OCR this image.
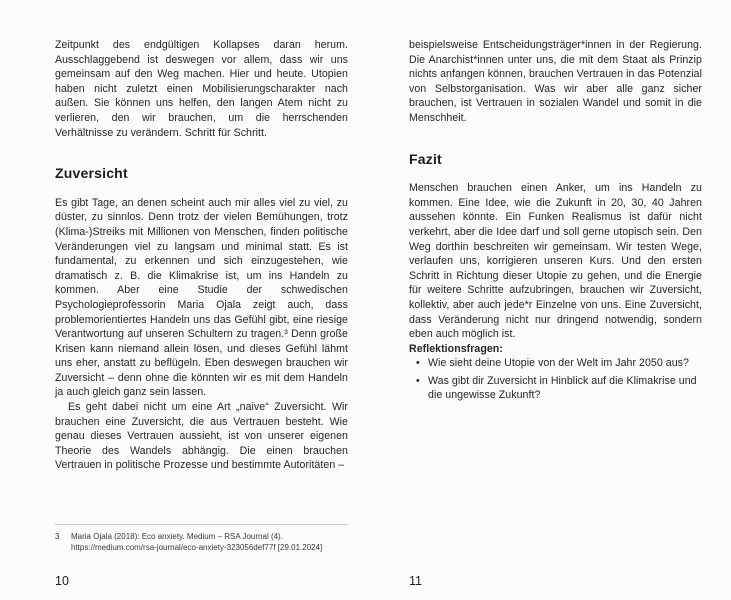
Zeitpunkt des endgültigen Kollapses daran herum. Ausschlaggebend ist deswegen vor allem, dass wir uns gemeinsam auf den Weg machen. Hier und heute. Utopien haben nicht zuletzt einen Mobilisierungscharakter nach außen. Sie können uns helfen, den langen Atem nicht zu verlieren, den wir brauchen, um die herrschenden Verhältnisse zu verändern. Schritt für Schritt.

Zuversicht

Es gibt Tage, an denen scheint auch mir alles viel zu viel, zu düster, zu sinnlos. Denn trotz der vielen Bemühungen, trotz (Klima-)Streiks mit Millionen von Menschen, finden politische Veränderungen viel zu langsam und minimal statt. Es ist fundamental, zu erkennen und sich einzugestehen, wie dramatisch z. B. die Klimakrise ist, um ins Handeln zu kommen. Aber eine Studie der schwedischen Psychologieprofessorin Maria Ojala zeigt auch, dass problemorientiertes Handeln uns das Gefühl gibt, eine riesige Verantwortung auf unseren Schultern zu tragen.³ Denn große Krisen kann niemand allein lösen, und dieses Gefühl lähmt uns eher, anstatt zu beflügeln. Eben deswegen brauchen wir Zuversicht – denn ohne die könnten wir es mit dem Handeln ja auch gleich ganz sein lassen.

Es geht dabei nicht um eine Art „naive“ Zuversicht. Wir brauchen eine Zuversicht, die aus Vertrauen besteht. Wie genau dieses Vertrauen aussieht, ist von unserer eigenen Theorie des Wandels abhängig. Die einen brauchen Vertrauen in politische Prozesse und bestimmte Autoritäten –

3	Maria Ojala (2018): Eco anxiety. Medium – RSA Journal (4). https://medium.com/rsa-journal/eco-anxiety-323056def77f [29.01.2024]

beispielsweise Entscheidungsträger*innen in der Regierung. Die Anarchist*innen unter uns, die mit dem Staat als Prinzip nichts anfangen können, brauchen Vertrauen in das Potenzial von Selbstorganisation. Was wir aber alle ganz sicher brauchen, ist Vertrauen in sozialen Wandel und somit in die Menschheit.

Fazit

Menschen brauchen einen Anker, um ins Handeln zu kommen. Eine Idee, wie die Zukunft in 20, 30, 40 Jahren aussehen könnte. Ein Funken Realismus ist dafür nicht verkehrt, aber die Idee darf und soll gerne utopisch sein. Den Weg dorthin beschreiten wir gemeinsam. Wir testen Wege, verlaufen uns, korrigieren unseren Kurs. Und den ersten Schritt in Richtung dieser Utopie zu gehen, und die Energie für weitere Schritte aufzubringen, brauchen wir Zuversicht, kollektiv, aber auch jede*r Einzelne von uns. Eine Zuversicht, dass Veränderung nicht nur dringend notwendig, sondern eben auch möglich ist.

Reflektionsfragen:

• Wie sieht deine Utopie von der Welt im Jahr 2050 aus?
• Was gibt dir Zuversicht in Hinblick auf die Klimakrise und die ungewisse Zukunft?
10	11
